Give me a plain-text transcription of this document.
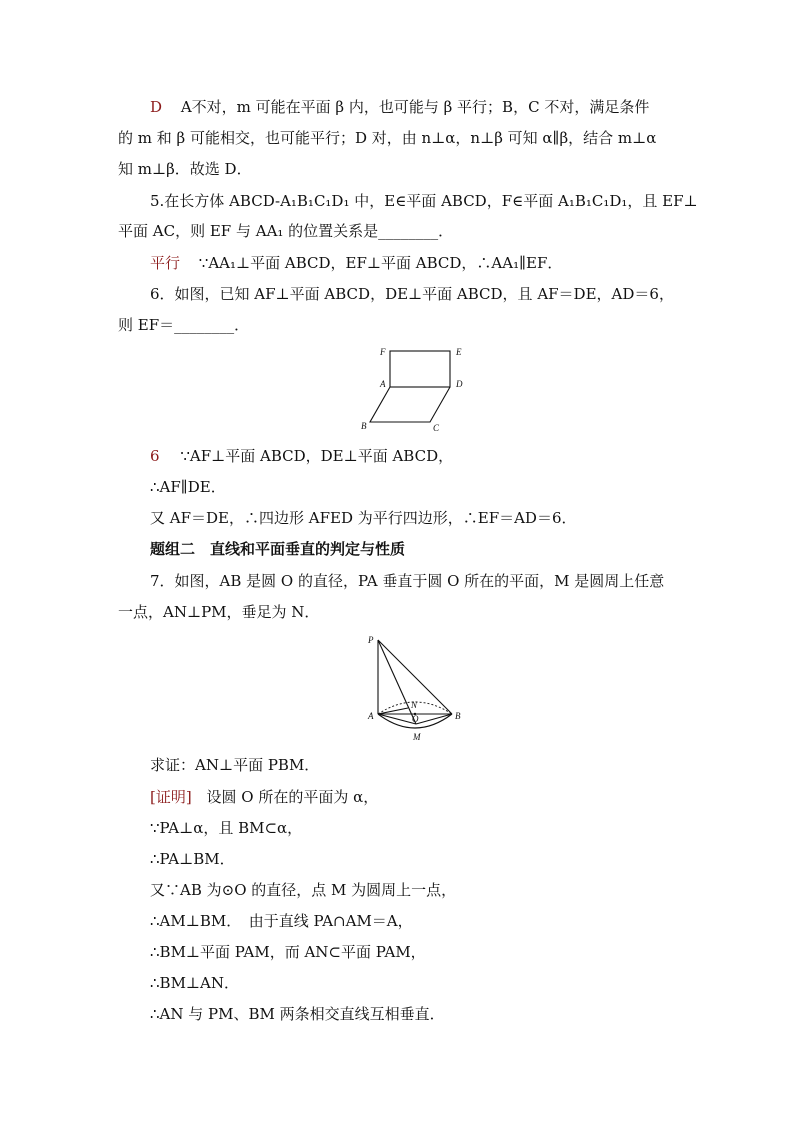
D A不对，m 可能在平面 β 内，也可能与 β 平行；B，C 不对，满足条件
的 m 和 β 可能相交，也可能平行；D 对，由 n⊥α，n⊥β 可知 α∥β，结合 m⊥α
知 m⊥β．故选 D．
5.在长方体 ABCD-A₁B₁C₁D₁ 中，E∈平面 ABCD，F∈平面 A₁B₁C₁D₁，且 EF⊥
平面 AC，则 EF 与 AA₁ 的位置关系是________．
平行 ∵AA₁⊥平面 ABCD，EF⊥平面 ABCD，∴AA₁∥EF．
6．如图，已知 AF⊥平面 ABCD，DE⊥平面 ABCD，且 AF＝DE，AD＝6，
则 EF＝________．
F	E
A	D
B	C
6 ∵AF⊥平面 ABCD，DE⊥平面 ABCD，
∴AF∥DE．
又 AF＝DE，∴四边形 AFED 为平行四边形，∴EF＝AD＝6．
题组二　直线和平面垂直的判定与性质
7．如图，AB 是圆 O 的直径，PA 垂直于圆 O 所在的平面，M 是圆周上任意
一点，AN⊥PM，垂足为 N．
P
A
N
O	B
M
求证：AN⊥平面 PBM．
[证明] 设圆 O 所在的平面为 α，
∵PA⊥α，且 BM⊂α，
∴PA⊥BM．
又∵AB 为⊙O 的直径，点 M 为圆周上一点，
∴AM⊥BM．　由于直线 PA∩AM＝A，
∴BM⊥平面 PAM，而 AN⊂平面 PAM，
∴BM⊥AN．
∴AN 与 PM、BM 两条相交直线互相垂直．
